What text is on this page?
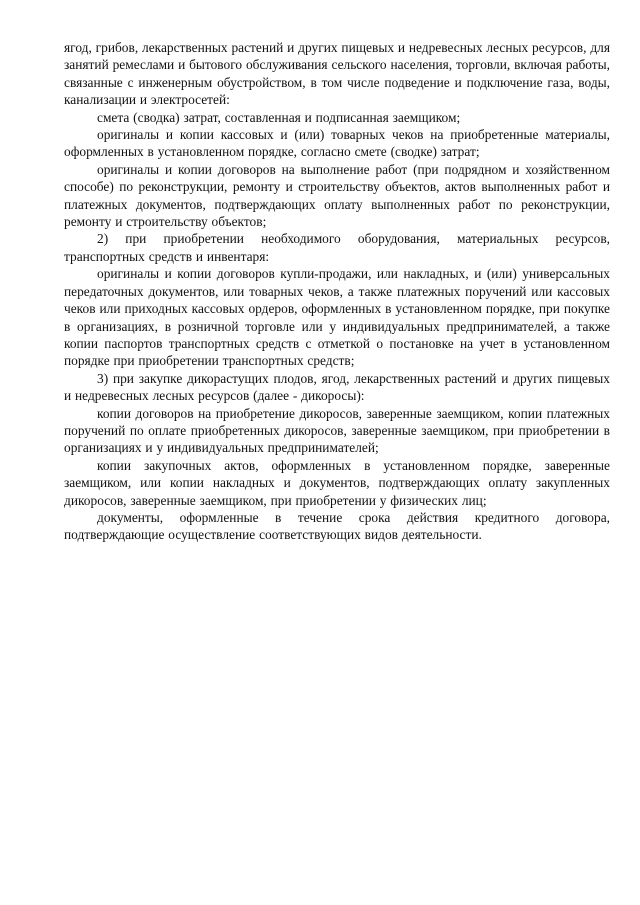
ягод, грибов, лекарственных растений и других пищевых и недревесных лесных ресурсов, для занятий ремеслами и бытового обслуживания сельского населения, торговли, включая работы, связанные с инженерным обустройством, в том числе подведение и подключение газа, воды, канализации и электросетей:

смета (сводка) затрат, составленная и подписанная заемщиком;

оригиналы и копии кассовых и (или) товарных чеков на приобретенные материалы, оформленных в установленном порядке, согласно смете (сводке) затрат;

оригиналы и копии договоров на выполнение работ (при подрядном и хозяйственном способе) по реконструкции, ремонту и строительству объектов, актов выполненных работ и платежных документов, подтверждающих оплату выполненных работ по реконструкции, ремонту и строительству объектов;

2) при приобретении необходимого оборудования, материальных ресурсов, транспортных средств и инвентаря:

оригиналы и копии договоров купли-продажи, или накладных, и (или) универсальных передаточных документов, или товарных чеков, а также платежных поручений или кассовых чеков или приходных кассовых ордеров, оформленных в установленном порядке, при покупке в организациях, в розничной торговле или у индивидуальных предпринимателей, а также копии паспортов транспортных средств с отметкой о постановке на учет в установленном порядке при приобретении транспортных средств;

3) при закупке дикорастущих плодов, ягод, лекарственных растений и других пищевых и недревесных лесных ресурсов (далее - дикоросы):

копии договоров на приобретение дикоросов, заверенные заемщиком, копии платежных поручений по оплате приобретенных дикоросов, заверенные заемщиком, при приобретении в организациях и у индивидуальных предпринимателей;

копии закупочных актов, оформленных в установленном порядке, заверенные заемщиком, или копии накладных и документов, подтверждающих оплату закупленных дикоросов, заверенные заемщиком, при приобретении у физических лиц;

документы, оформленные в течение срока действия кредитного договора, подтверждающие осуществление соответствующих видов деятельности.
